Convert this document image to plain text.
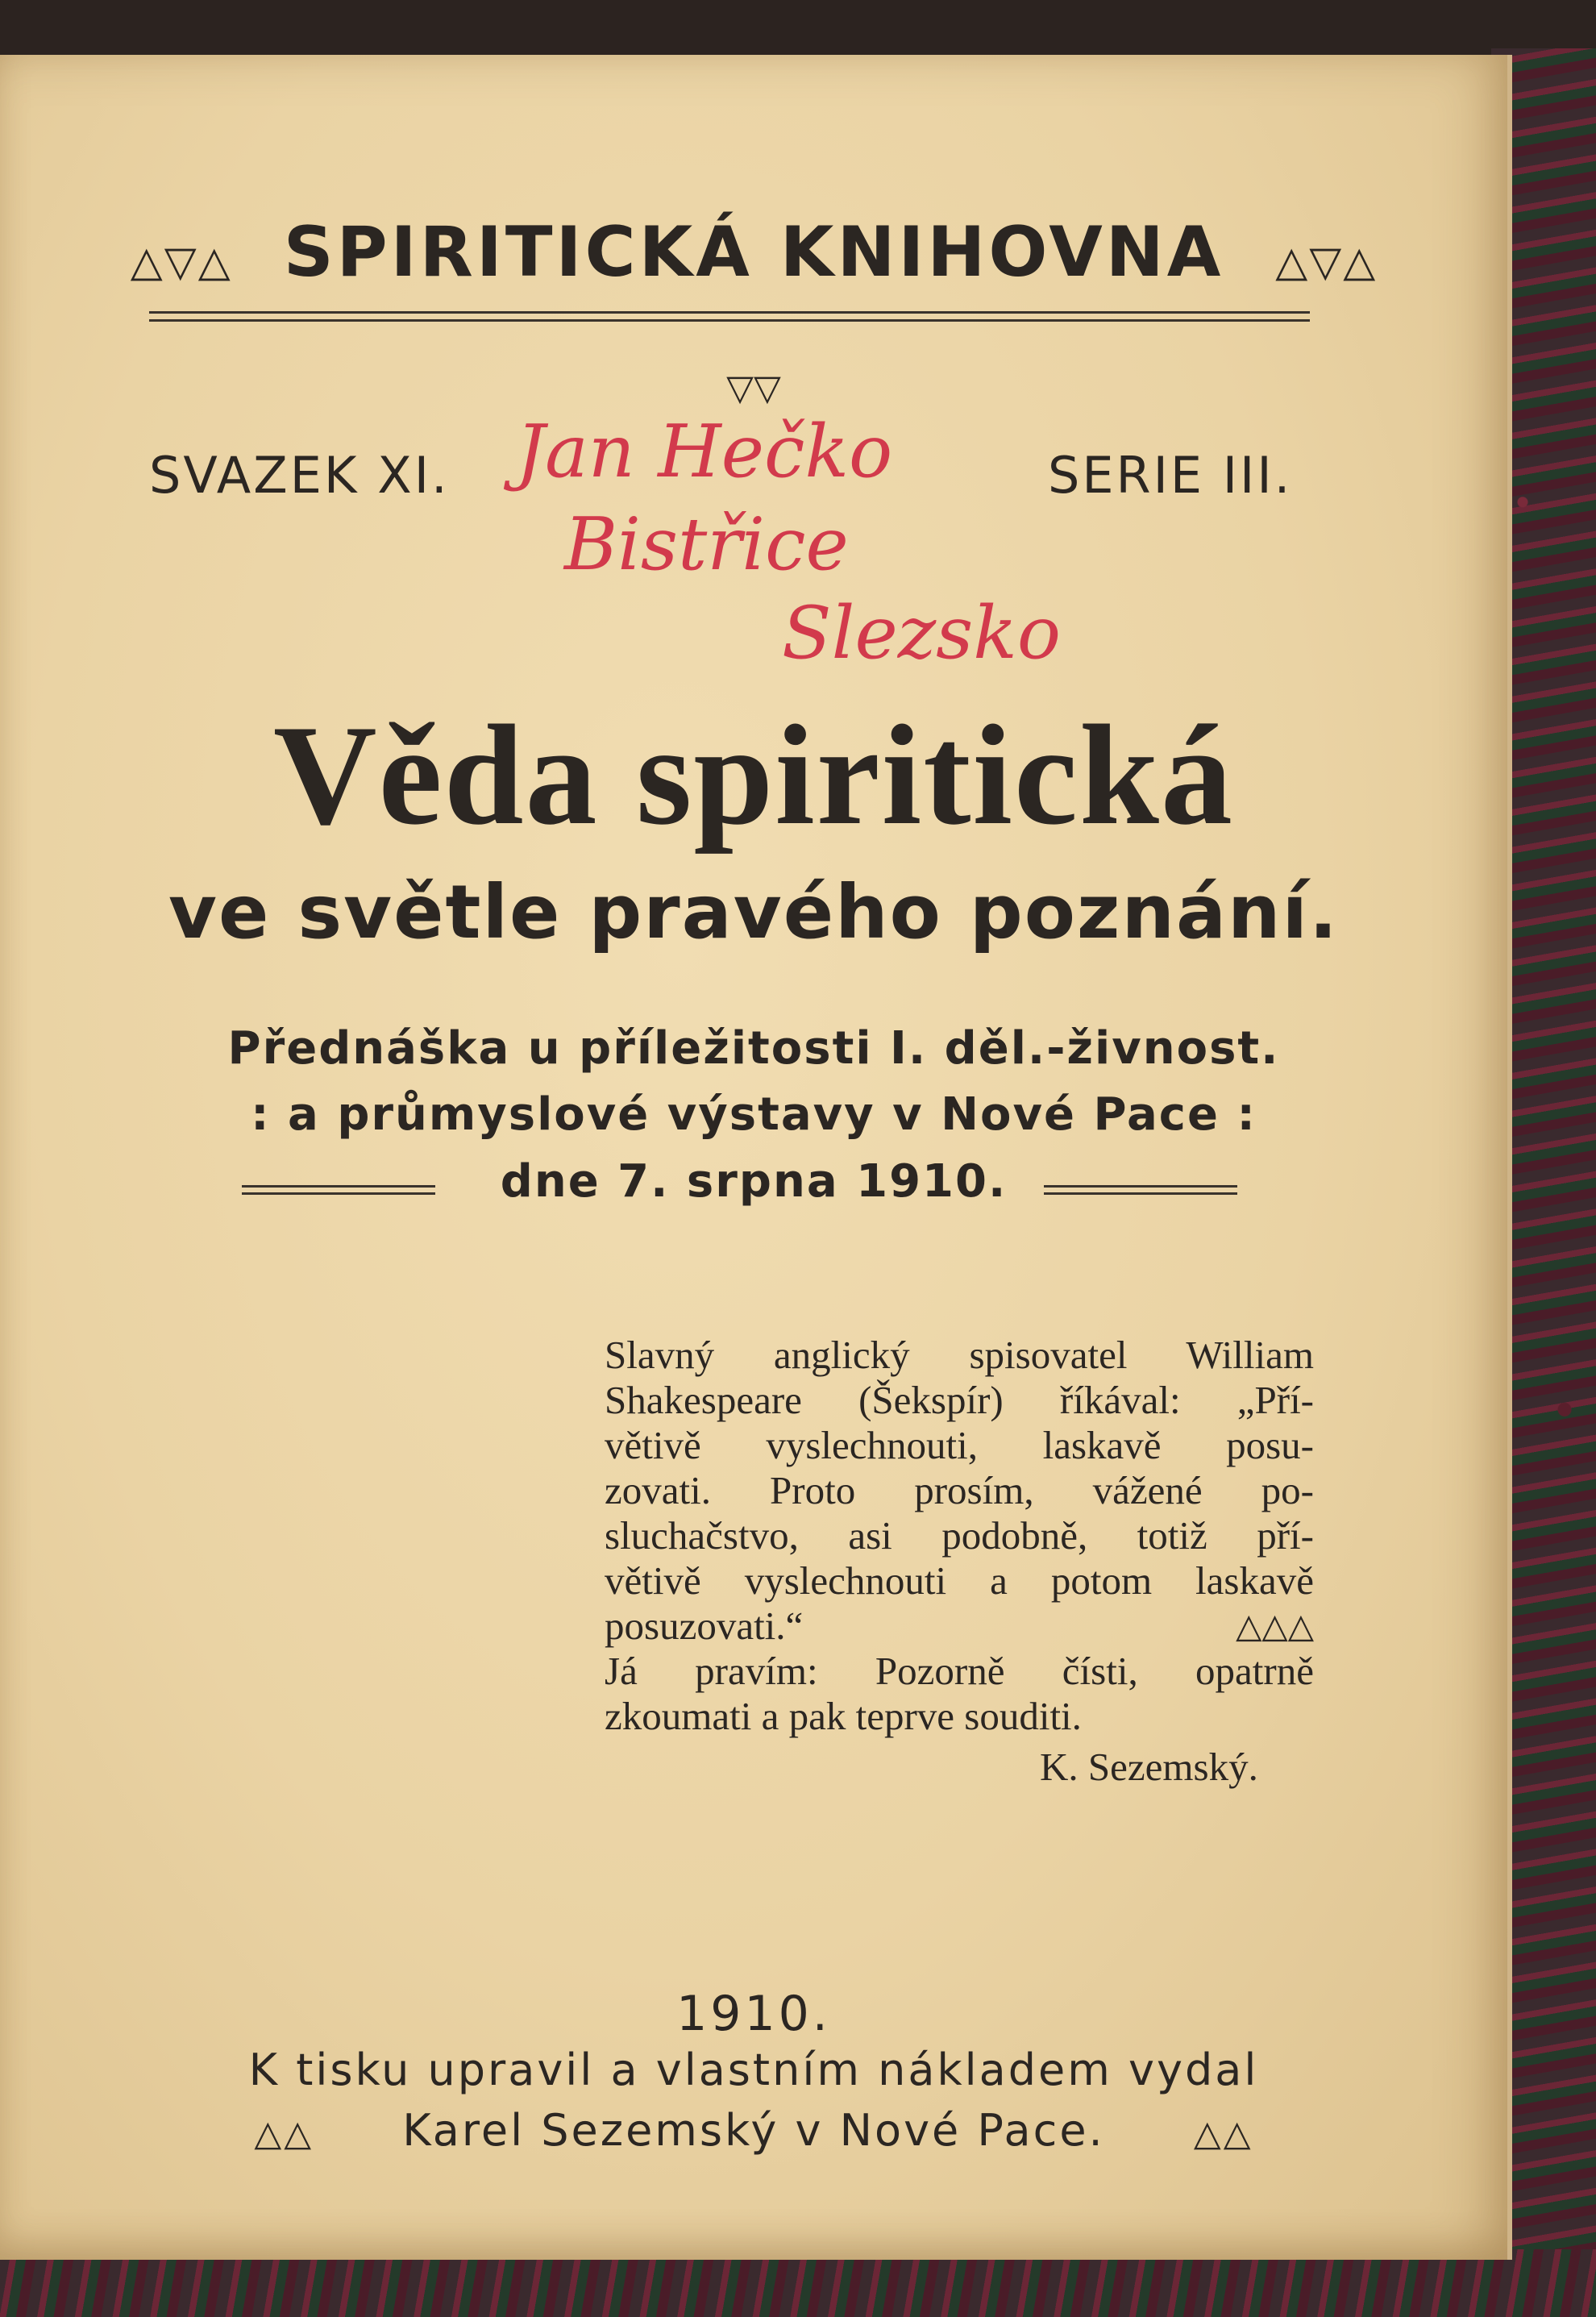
△▽△ SPIRITICKÁ KNIHOVNA △▽△

▽▽

SVAZEK XI.	SERIE III.

Jan Hečko
Bistřice
Slezsko
Věda spiritická
ve světle pravého poznání.

Přednáška u příležitosti I. děl.-živnost.

: a průmyslové výstavy v Nové Pace :

dne 7. srpna 1910.

Slavný anglický spisovatel William

Shakespeare (Šekspír) říkával: „Pří-

větivě vyslechnouti, laskavě posu-

zovati. Proto prosím, vážené po-

sluchačstvo, asi podobně, totiž pří-

větivě vyslechnouti a potom laskavě

posuzovati.“	△△△

Já pravím: Pozorně čísti, opatrně

zkoumati a pak teprve souditi.

K. Sezemský.

1910.

K tisku upravil a vlastním nákladem vydal

△△ Karel Sezemský v Nové Pace.	△△
